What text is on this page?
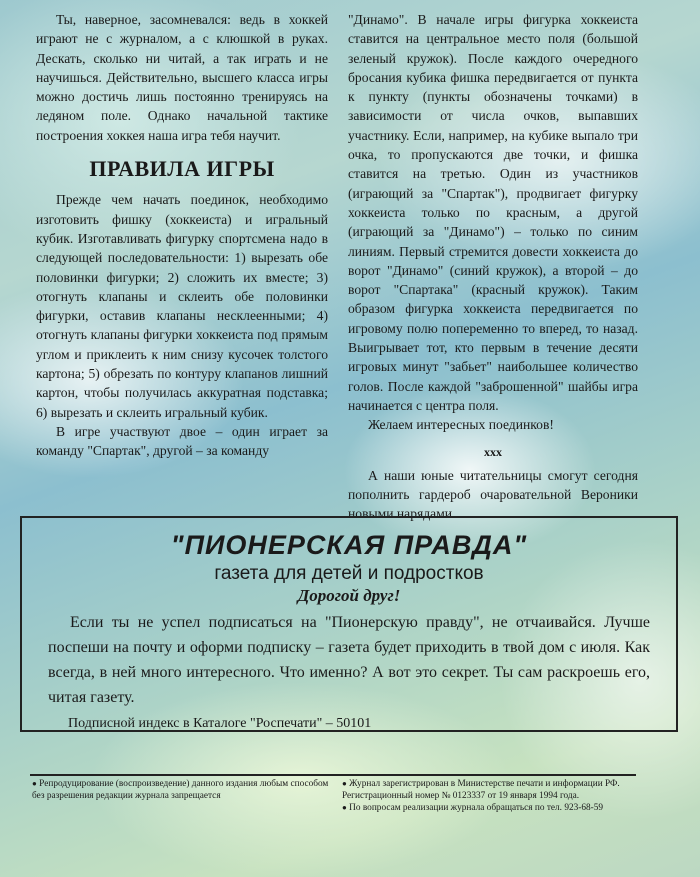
Ты, наверное, засомневался: ведь в хоккей играют не с журналом, а с клюшкой в руках. Дескать, сколько ни читай, а так играть и не научишься. Действительно, высшего класса игры можно достичь лишь постоянно тренируясь на ледяном поле. Однако начальной тактике построения хоккея наша игра тебя научит.

ПРАВИЛА ИГРЫ

Прежде чем начать поединок, необходимо изготовить фишку (хоккеиста) и игральный кубик. Изготавливать фигурку спортсмена надо в следующей последовательности: 1) вырезать обе половинки фигурки; 2) сложить их вместе; 3) отогнуть клапаны и склеить обе половинки фигурки, оставив клапаны несклеенными; 4) отогнуть клапаны фигурки хоккеиста под прямым углом и приклеить к ним снизу кусочек толстого картона; 5) обрезать по контуру клапанов лишний картон, чтобы получилась аккуратная подставка; 6) вырезать и склеить игральный кубик.

В игре участвуют двое – один играет за команду "Спартак", другой – за команду

"Динамо". В начале игры фигурка хоккеиста ставится на центральное место поля (большой зеленый кружок). После каждого очередного бросания кубика фишка передвигается от пункта к пункту (пункты обозначены точками) в зависимости от числа очков, выпавших участнику. Если, например, на кубике выпало три очка, то пропускаются две точки, и фишка ставится на третью. Один из участников (играющий за "Спартак"), продвигает фигурку хоккеиста только по красным, а другой (играющий за "Динамо") – только по синим линиям. Первый стремится довести хоккеиста до ворот "Динамо" (синий кружок), а второй – до ворот "Спартака" (красный кружок). Таким образом фигурка хоккеиста передвигается по игровому полю попеременно то вперед, то назад. Выигрывает тот, кто первым в течение десяти игровых минут "забьет" наибольшее количество голов. После каждой "заброшенной" шайбы игра начинается с центра поля.

Желаем интересных поединков!

xxx

А наши юные читательницы смогут сегодня пополнить гардероб очаровательной Вероники новыми нарядами.

"ПИОНЕРСКАЯ ПРАВДА"
газета для детей и подростков
Дорогой друг!
Если ты не успел подписаться на "Пионерскую правду", не отчаивайся. Лучше поспеши на почту и оформи подписку – газета будет приходить в твой дом с июля. Как всегда, в ней много интересного. Что именно? А вот это секрет. Ты сам раскроешь его, читая газету.
Подписной индекс в Каталоге "Роспечати" – 50101
● Репродуцирование (воспроизведение) данного издания любым способом без разрешения редакции журнала запрещается
● Журнал зарегистрирован в Министерстве печати и информации РФ. Регистрационный номер № 0123337 от 19 января 1994 года.
● По вопросам реализации журнала обращаться по тел. 923-68-59
